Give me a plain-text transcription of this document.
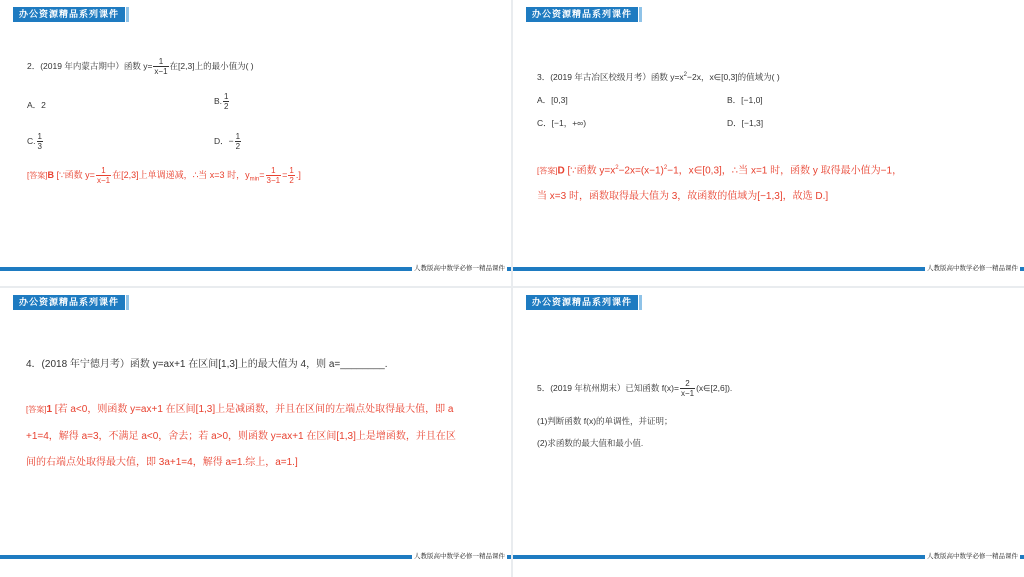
办公资源精品系列课件
2．(2019 年内蒙古期中）函数 $y= \frac{1}{x-1}$ 在[2,3]上的最小值为( )
A．2	B. $\frac{1}{2}$
C. $\frac{1}{3}$	D．− $\frac{1}{2}$
[答案]B [∵函数 $y= \frac{1}{x-1}$ 在[2,3]上单调递减，∴当 x=3 时，$y_{min}= \frac{1}{3-1} = \frac{1}{2}$ .]
人教版高中数学必修一精品课件
办公资源精品系列课件
3．(2019 年古冶区校级月考）函数 $y=x^2-2x$，x∈[0,3]的值域为( )
A．[0,3]	B．[−1,0]
C．[−1，+∞)	D．[−1,3]
[答案]D [∵函数 $y=x^2-2x=(x-1)^2-1$，x∈[0,3]，∴当 x=1 时，函数 y 取得最小值为−1，
当 x=3 时，函数取得最大值为 3，故函数的值域为[−1,3]，故选 D.]
人教版高中数学必修一精品课件
办公资源精品系列课件
4．(2018 年宁德月考）函数 y=ax+1 在区间[1,3]上的最大值为 4，则 a=________.
[答案]1 [若 a<0，则函数 y=ax+1 在区间[1,3]上是减函数，并且在区间的左端点处取得最大值，即 a
+1=4，解得 a=3，不满足 a<0，舍去；若 a>0，则函数 y=ax+1 在区间[1,3]上是增函数，并且在区
间的右端点处取得最大值，即 3a+1=4，解得 a=1.综上，a=1.]
人教版高中数学必修一精品课件
办公资源精品系列课件
5．(2019 年杭州期末）已知函数 $f(x)= \frac{2}{x-1}$ (x∈[2,6]).
(1)判断函数 f(x)的单调性，并证明；
(2)求函数的最大值和最小值.
人教版高中数学必修一精品课件
